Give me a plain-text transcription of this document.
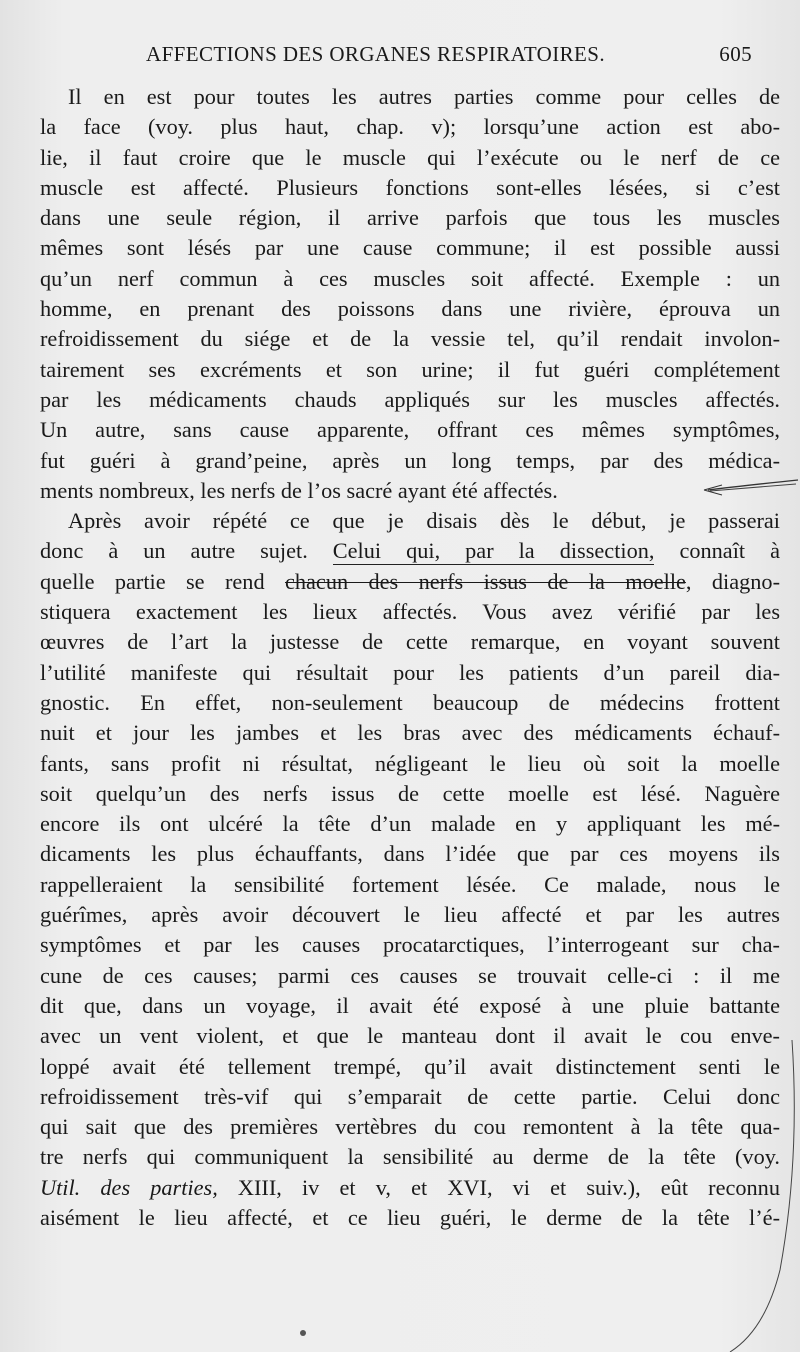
AFFECTIONS DES ORGANES RESPIRATOIRES.	605
Il en est pour toutes les autres parties comme pour celles de
la face (voy. plus haut, chap. v); lorsqu’une action est abo-
lie, il faut croire que le muscle qui l’exécute ou le nerf de ce
muscle est affecté. Plusieurs fonctions sont-elles lésées, si c’est
dans une seule région, il arrive parfois que tous les muscles
mêmes sont lésés par une cause commune; il est possible aussi
qu’un nerf commun à ces muscles soit affecté. Exemple : un
homme, en prenant des poissons dans une rivière, éprouva un
refroidissement du siége et de la vessie tel, qu’il rendait involon-
tairement ses excréments et son urine; il fut guéri complétement
par les médicaments chauds appliqués sur les muscles affectés.
Un autre, sans cause apparente, offrant ces mêmes symptômes,
fut guéri à grand’peine, après un long temps, par des médica-
ments nombreux, les nerfs de l’os sacré ayant été affectés.
Après avoir répété ce que je disais dès le début, je passerai
donc à un autre sujet. Celui qui, par la dissection, connaît à
quelle partie se rend chacun des nerfs issus de la moelle, diagno-
stiquera exactement les lieux affectés. Vous avez vérifié par les
œuvres de l’art la justesse de cette remarque, en voyant souvent
l’utilité manifeste qui résultait pour les patients d’un pareil dia-
gnostic. En effet, non-seulement beaucoup de médecins frottent
nuit et jour les jambes et les bras avec des médicaments échauf-
fants, sans profit ni résultat, négligeant le lieu où soit la moelle
soit quelqu’un des nerfs issus de cette moelle est lésé. Naguère
encore ils ont ulcéré la tête d’un malade en y appliquant les mé-
dicaments les plus échauffants, dans l’idée que par ces moyens ils
rappelleraient la sensibilité fortement lésée. Ce malade, nous le
guérîmes, après avoir découvert le lieu affecté et par les autres
symptômes et par les causes procatarctiques, l’interrogeant sur cha-
cune de ces causes; parmi ces causes se trouvait celle-ci : il me
dit que, dans un voyage, il avait été exposé à une pluie battante
avec un vent violent, et que le manteau dont il avait le cou enve-
loppé avait été tellement trempé, qu’il avait distinctement senti le
refroidissement très-vif qui s’emparait de cette partie. Celui donc
qui sait que des premières vertèbres du cou remontent à la tête qua-
tre nerfs qui communiquent la sensibilité au derme de la tête (voy.
Util. des parties, XIII, iv et v, et XVI, vi et suiv.), eût reconnu
aisément le lieu affecté, et ce lieu guéri, le derme de la tête l’é-
